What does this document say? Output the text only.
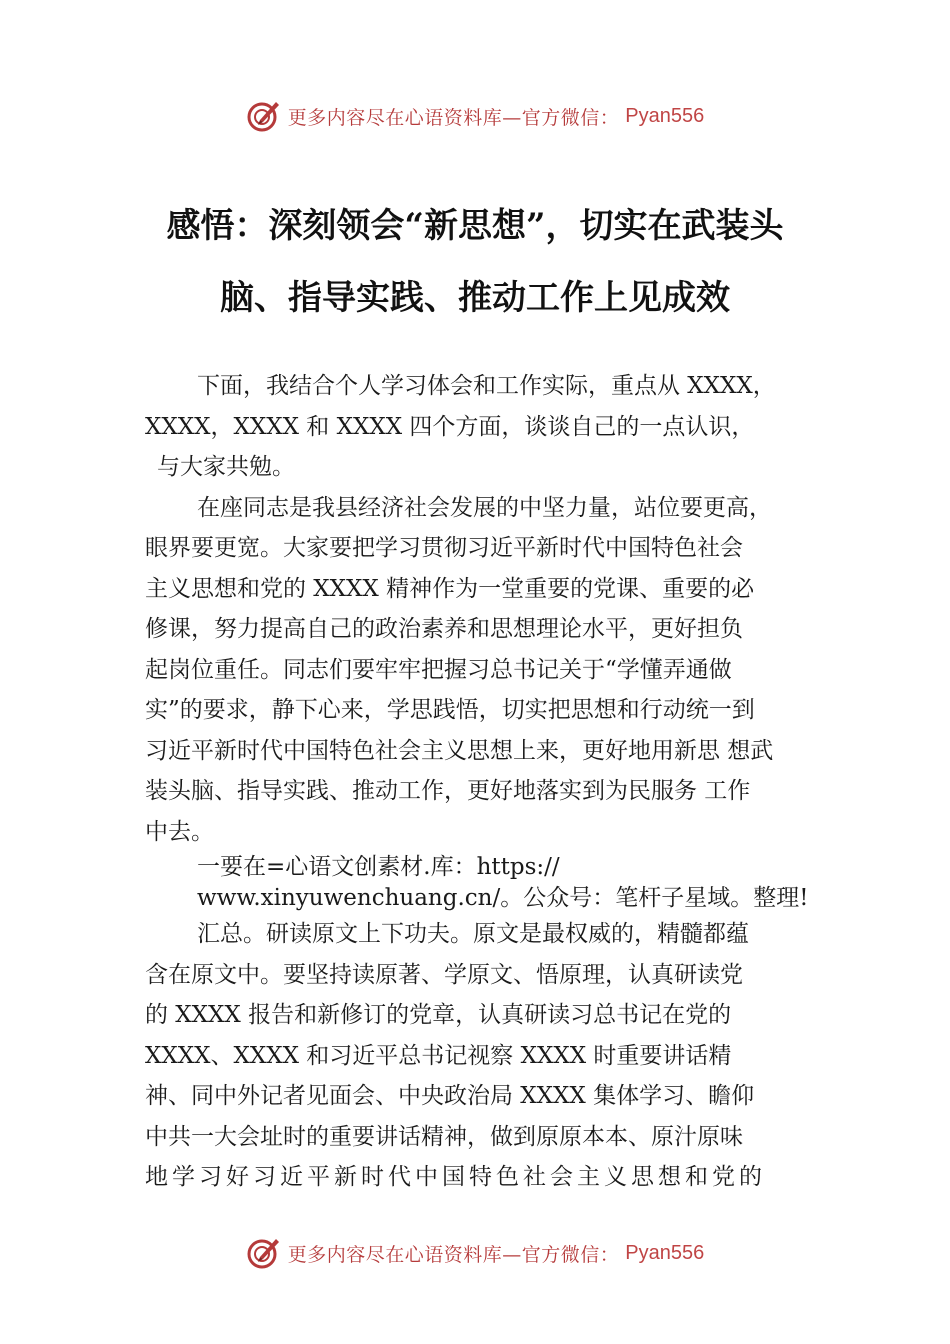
更多内容尽在心语资料库—官方微信： Pyan556
感悟：深刻领会“新思想”，切实在武装头
脑、指导实践、推动工作上见成效
下面，我结合个人学习体会和工作实际，重点从 XXXX，
XXXX，XXXX 和 XXXX 四个方面，谈谈自己的一点认识，
与大家共勉。
在座同志是我县经济社会发展的中坚力量，站位要更高，
眼界要更宽。大家要把学习贯彻习近平新时代中国特色社会
主义思想和党的 XXXX 精神作为一堂重要的党课、重要的必
修课，努力提高自己的政治素养和思想理论水平，更好担负
起岗位重任。同志们要牢牢把握习总书记关于“学懂弄通做
实”的要求，静下心来，学思践悟，切实把思想和行动统一到
习近平新时代中国特色社会主义思想上来，更好地用新思 想武
装头脑、指导实践、推动工作，更好地落实到为民服务 工作
中去。
一要在=心语文创素材.库：https://
www.xinyuwenchuang.cn/。公众号：笔杆子星域。整理!
汇总。研读原文上下功夫。原文是最权威的，精髓都蕴
含在原文中。要坚持读原著、学原文、悟原理，认真研读党
的 XXXX 报告和新修订的党章，认真研读习总书记在党的
XXXX、XXXX 和习近平总书记视察 XXXX 时重要讲话精
神、同中外记者见面会、中央政治局 XXXX 集体学习、瞻仰
中共一大会址时的重要讲话精神，做到原原本本、原汁原味
地学习好习近平新时代中国特色社会主义思想和党的
更多内容尽在心语资料库—官方微信： Pyan556
